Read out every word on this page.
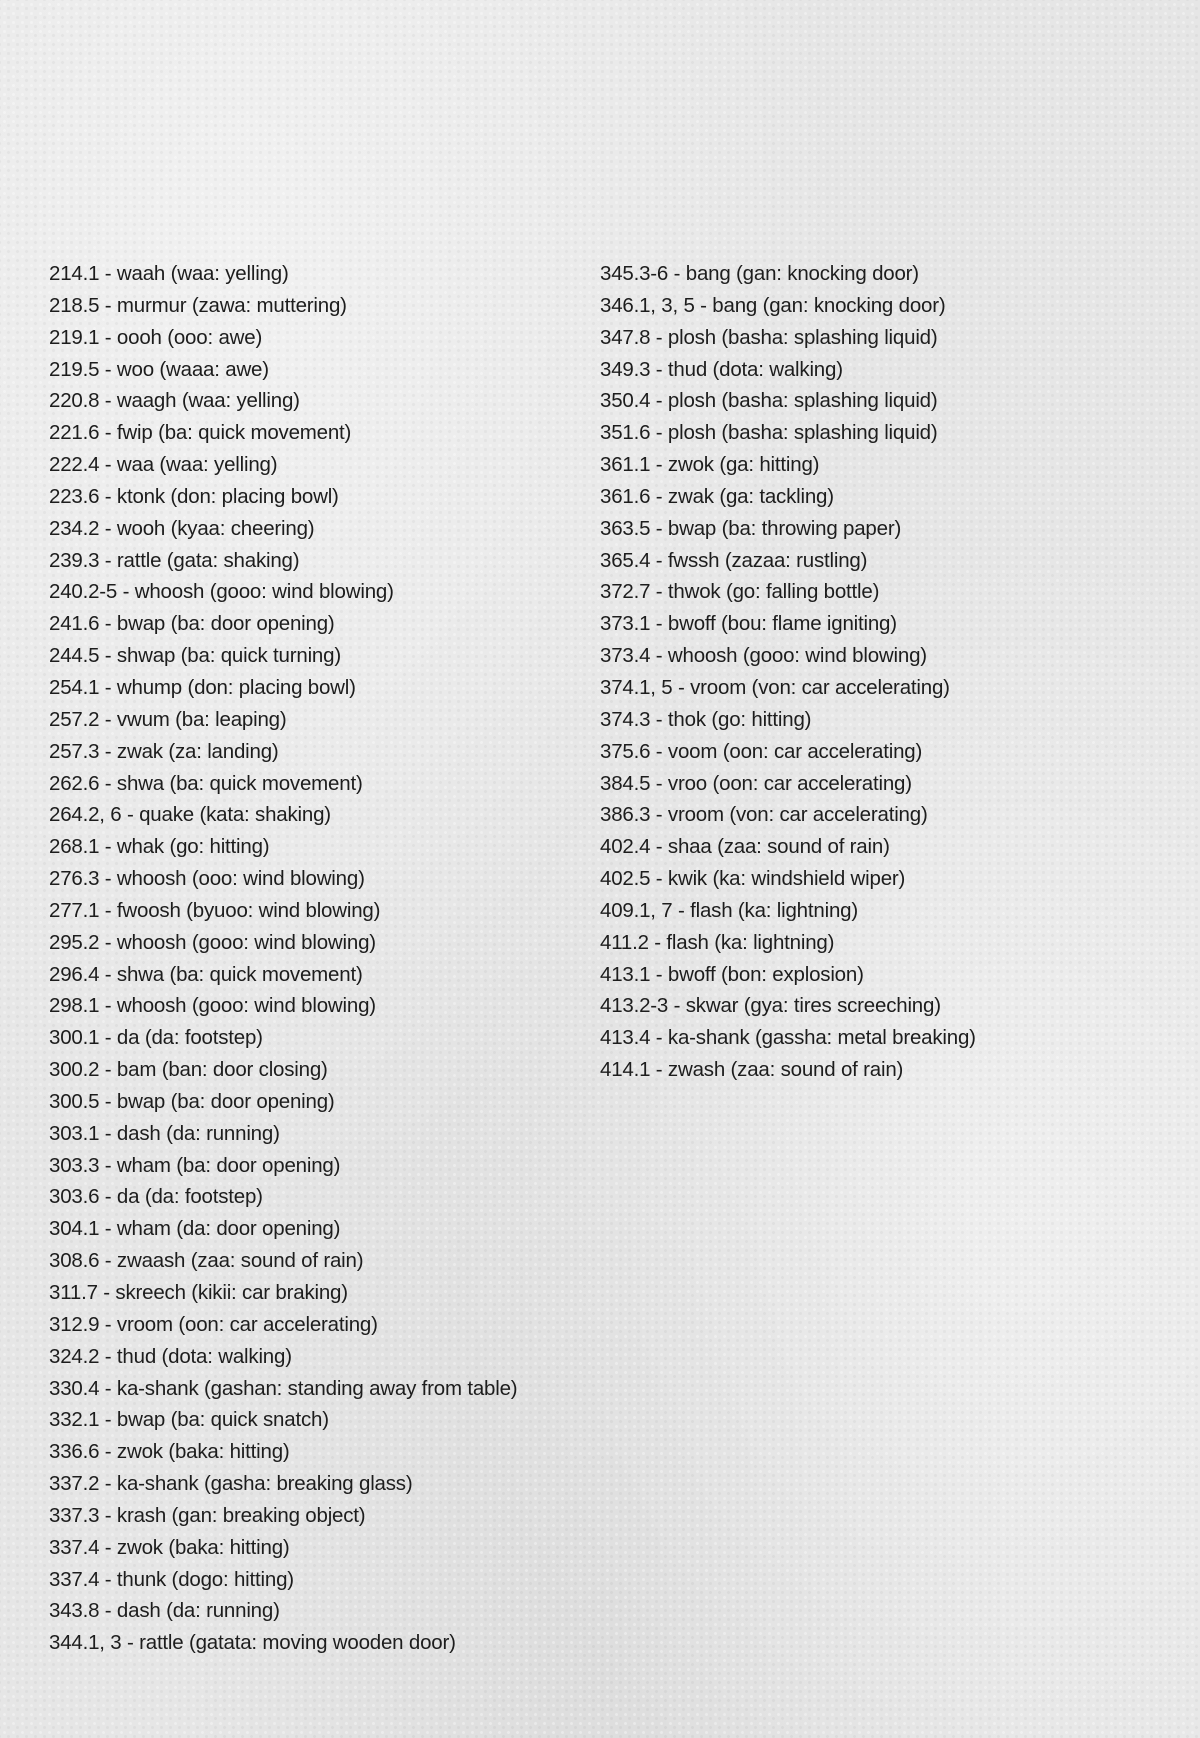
214.1 - waah (waa: yelling)
218.5 - murmur (zawa: muttering)
219.1 - oooh (ooo: awe)
219.5 - woo (waaa: awe)
220.8 - waagh (waa: yelling)
221.6 - fwip (ba: quick movement)
222.4 - waa (waa: yelling)
223.6 - ktonk (don: placing bowl)
234.2 - wooh (kyaa: cheering)
239.3 - rattle (gata: shaking)
240.2-5 - whoosh (gooo: wind blowing)
241.6 - bwap (ba: door opening)
244.5 - shwap (ba: quick turning)
254.1 - whump (don: placing bowl)
257.2 - vwum (ba: leaping)
257.3 - zwak (za: landing)
262.6 - shwa (ba: quick movement)
264.2, 6 - quake (kata: shaking)
268.1 - whak (go: hitting)
276.3 - whoosh (ooo: wind blowing)
277.1 - fwoosh (byuoo: wind blowing)
295.2 - whoosh (gooo: wind blowing)
296.4 - shwa (ba: quick movement)
298.1 - whoosh (gooo: wind blowing)
300.1 - da (da: footstep)
300.2 - bam (ban: door closing)
300.5 - bwap (ba: door opening)
303.1 - dash (da: running)
303.3 - wham (ba: door opening)
303.6 - da (da: footstep)
304.1 - wham (da: door opening)
308.6 - zwaash (zaa: sound of rain)
311.7 - skreech (kikii: car braking)
312.9 - vroom (oon: car accelerating)
324.2 - thud (dota: walking)
330.4 - ka-shank (gashan: standing away from table)
332.1 - bwap (ba: quick snatch)
336.6 - zwok (baka: hitting)
337.2 - ka-shank (gasha: breaking glass)
337.3 - krash (gan: breaking object)
337.4 - zwok (baka: hitting)
337.4 - thunk (dogo: hitting)
343.8 - dash (da: running)
344.1, 3 - rattle (gatata: moving wooden door)
345.3-6 - bang (gan: knocking door)
346.1, 3, 5 - bang (gan: knocking door)
347.8 - plosh (basha: splashing liquid)
349.3 - thud (dota: walking)
350.4 - plosh (basha: splashing liquid)
351.6 - plosh (basha: splashing liquid)
361.1 - zwok (ga: hitting)
361.6 - zwak (ga: tackling)
363.5 - bwap (ba: throwing paper)
365.4 - fwssh (zazaa: rustling)
372.7 - thwok (go: falling bottle)
373.1 - bwoff (bou: flame igniting)
373.4 - whoosh (gooo: wind blowing)
374.1, 5 - vroom (von: car accelerating)
374.3 - thok (go: hitting)
375.6 - voom (oon: car accelerating)
384.5 - vroo (oon: car accelerating)
386.3 - vroom (von: car accelerating)
402.4 - shaa (zaa: sound of rain)
402.5 - kwik (ka: windshield wiper)
409.1, 7 - flash (ka: lightning)
411.2 - flash (ka: lightning)
413.1 - bwoff (bon: explosion)
413.2-3 - skwar (gya: tires screeching)
413.4 - ka-shank (gassha: metal breaking)
414.1 - zwash (zaa: sound of rain)
